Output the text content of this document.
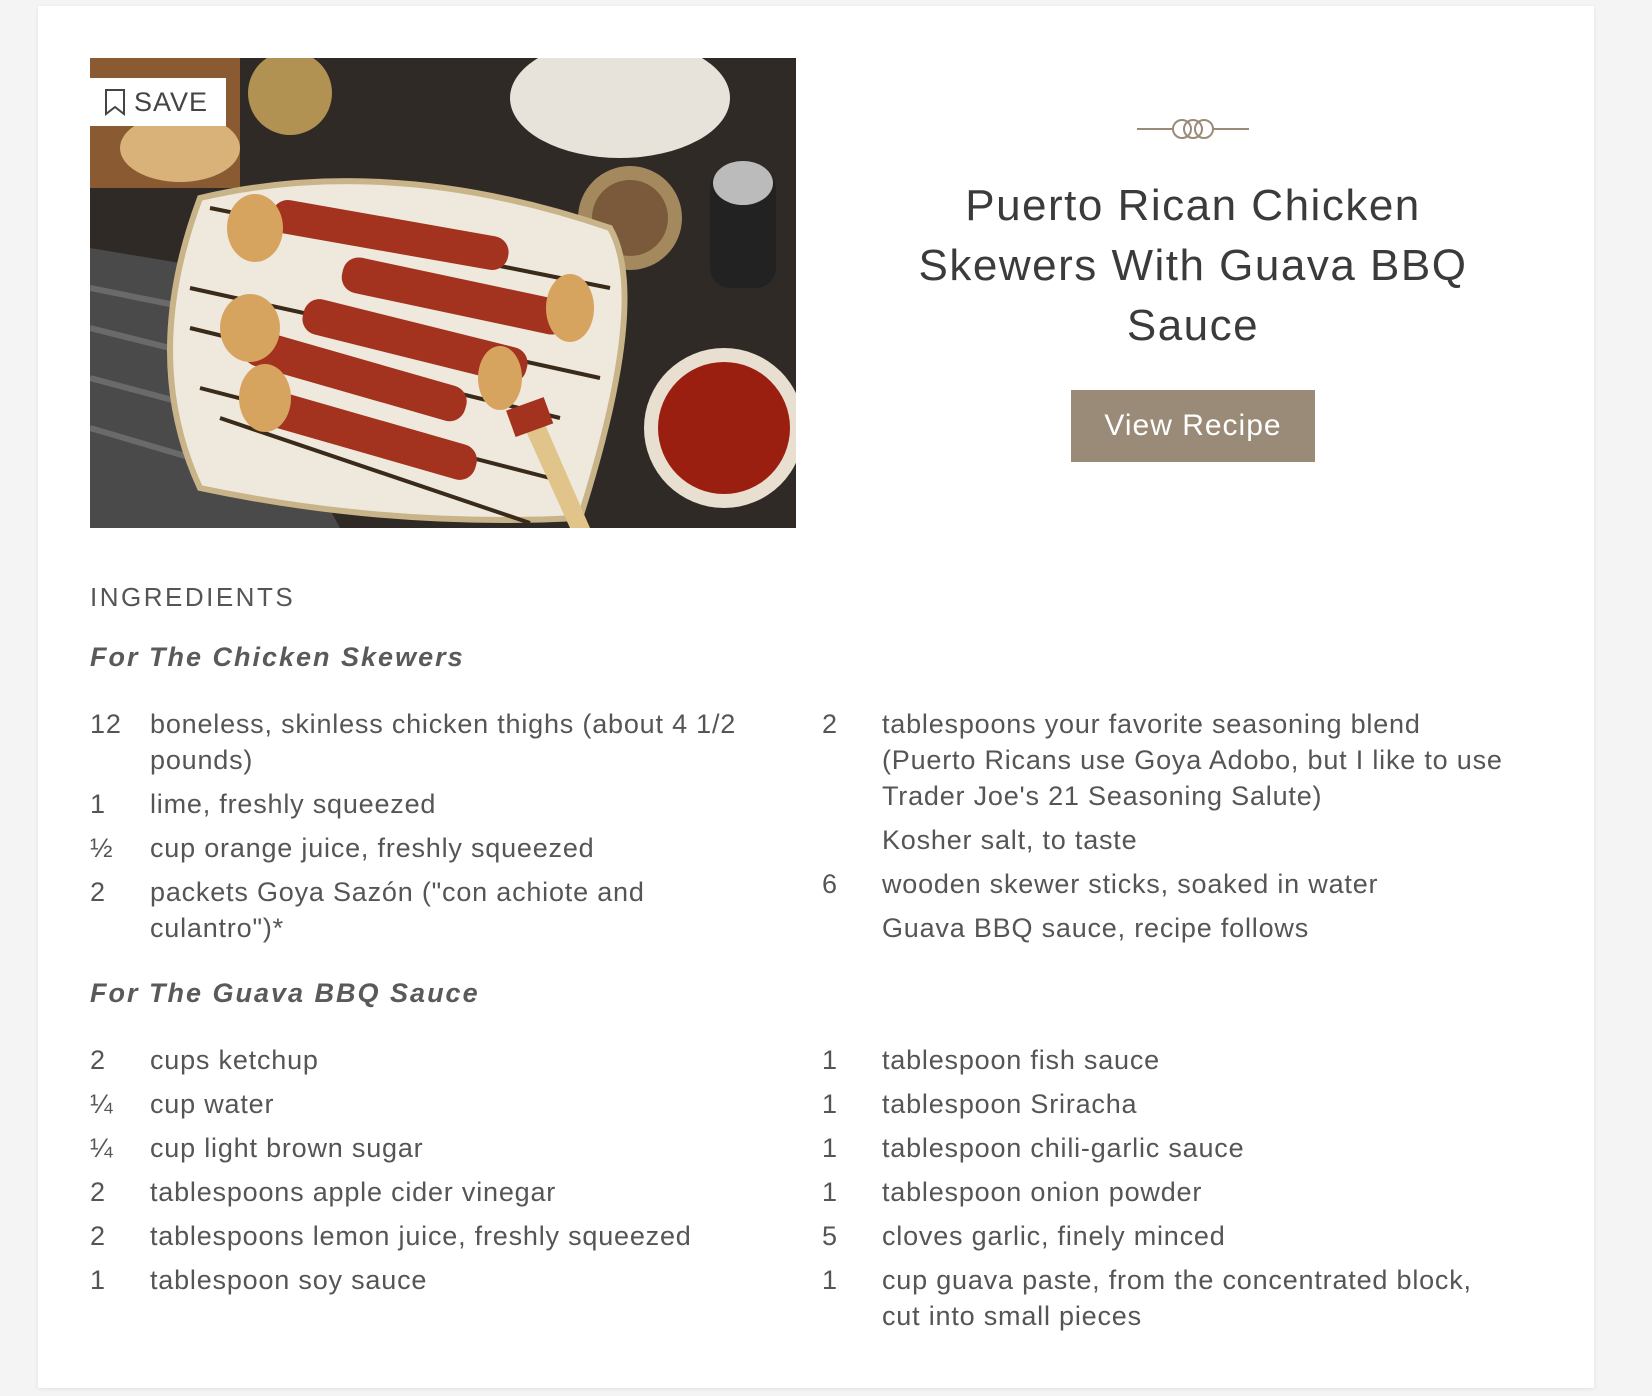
SAVE
Puerto Rican Chicken Skewers With Guava BBQ Sauce
View Recipe
INGREDIENTS
For The Chicken Skewers
12	boneless, skinless chicken thighs (about 4 1/2 pounds)
1	lime, freshly squeezed
½	cup orange juice, freshly squeezed
2	packets Goya Sazón ("con achiote and culantro")*
2	tablespoons your favorite seasoning blend (Puerto Ricans use Goya Adobo, but I like to use Trader Joe's 21 Seasoning Salute)
Kosher salt, to taste
6	wooden skewer sticks, soaked in water
Guava BBQ sauce, recipe follows
For The Guava BBQ Sauce
2	cups ketchup
¼	cup water
¼	cup light brown sugar
2	tablespoons apple cider vinegar
2	tablespoons lemon juice, freshly squeezed
1	tablespoon soy sauce
1	tablespoon fish sauce
1	tablespoon Sriracha
1	tablespoon chili-garlic sauce
1	tablespoon onion powder
5	cloves garlic, finely minced
1	cup guava paste, from the concentrated block, cut into small pieces
